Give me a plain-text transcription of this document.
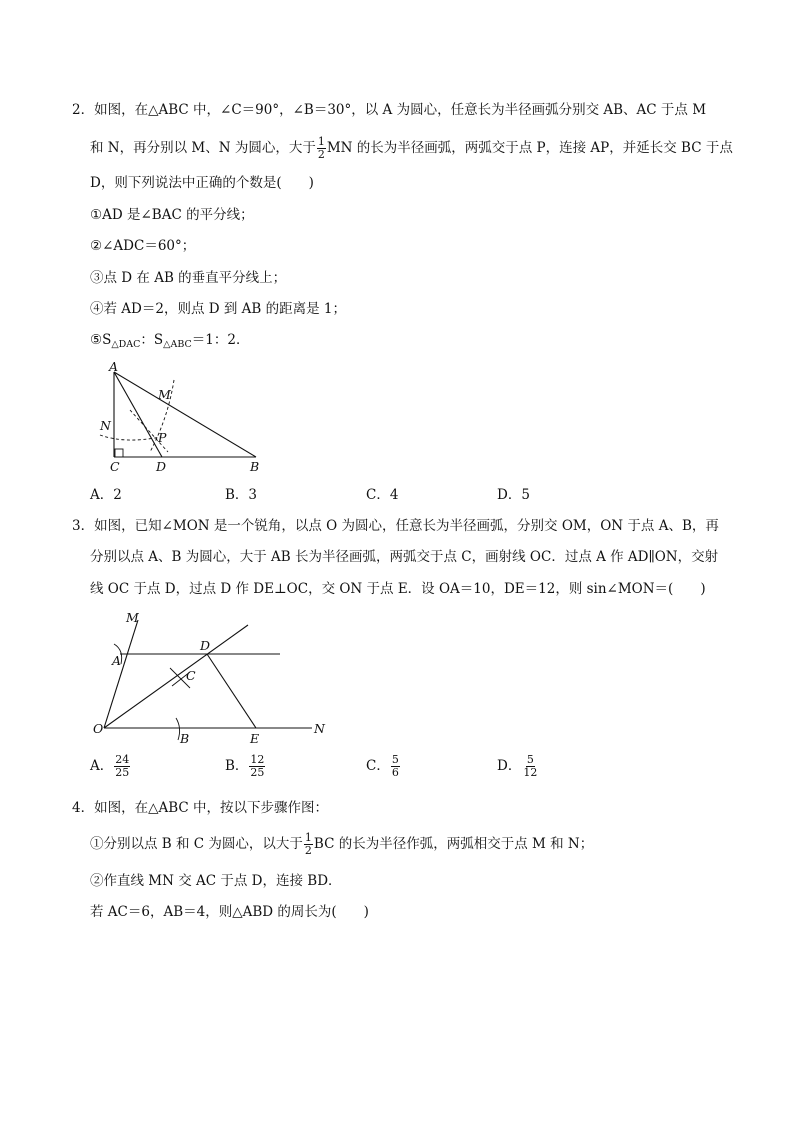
2．如图，在△ABC 中，∠C＝90°，∠B＝30°，以 A 为圆心，任意长为半径画弧分别交 AB、AC 于点 M
和 N，再分别以 M、N 为圆心，大于 $\frac{1}{2}$ MN 的长为半径画弧，两弧交于点 P，连接 AP，并延长交 BC 于点
D，则下列说法中正确的个数是(　　)
①AD 是∠BAC 的平分线；
②∠ADC＝60°；
③点 D 在 AB 的垂直平分线上；
④若 AD＝2，则点 D 到 AB 的距离是 1；
$⑤S_{\triangle DAC}$：$S_{\triangle ABC}=1$：2．
A
M
N
P
C	D	B
A．2	B．3	C．4	D．5
3．如图，已知∠MON 是一个锐角，以点 O 为圆心，任意长为半径画弧，分别交 OM，ON 于点 A、B，再
分别以点 A、B 为圆心，大于 AB 长为半径画弧，两弧交于点 C，画射线 OC．过点 A 作 AD∥ON，交射
线 OC 于点 D，过点 D 作 DE⊥OC，交 ON 于点 E．设 OA＝10，DE＝12，则 sin∠MON＝(　　)
M
A
D
C
O
B	E
N
A． $\frac{24}{25}$	B． $\frac{12}{25}$	C． $\frac{5}{6}$	D． $\frac{5}{12}$
4．如图，在△ABC 中，按以下步骤作图：
①分别以点 B 和 C 为圆心，以大于 $\frac{1}{2}$ BC 的长为半径作弧，两弧相交于点 M 和 N；
②作直线 MN 交 AC 于点 D，连接 BD．
若 AC＝6，AB＝4，则△ABD 的周长为(　　)
